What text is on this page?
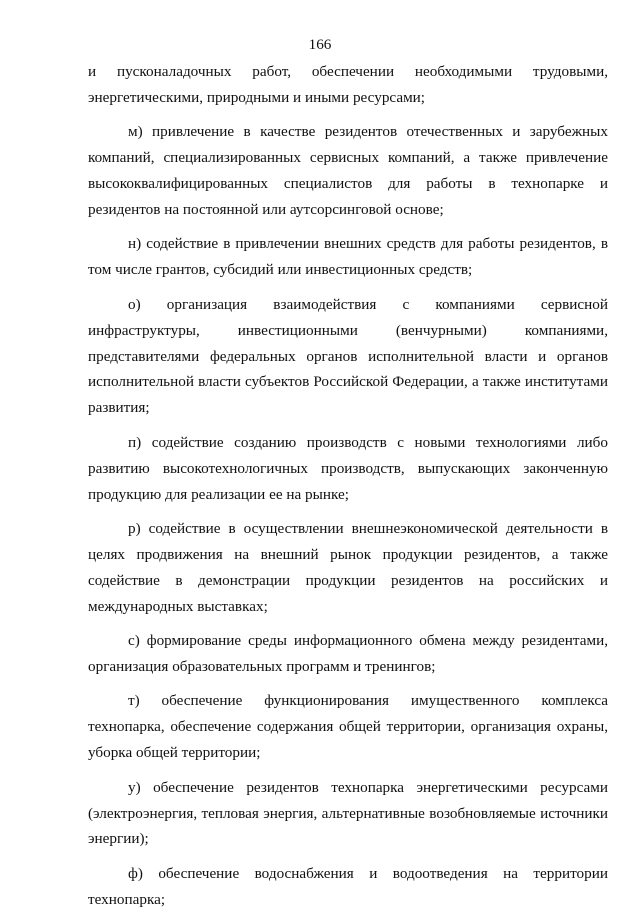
166

и пусконаладочных работ, обеспечении необходимыми трудовыми, энергетическими, природными и иными ресурсами;

м) привлечение в качестве резидентов отечественных и зарубежных компаний, специализированных сервисных компаний, а также привлечение высококвалифицированных специалистов для работы в технопарке и резидентов на постоянной или аутсорсинговой основе;

н) содействие в привлечении внешних средств для работы резидентов, в том числе грантов, субсидий или инвестиционных средств;

о) организация взаимодействия с компаниями сервисной инфраструктуры, инвестиционными (венчурными) компаниями, представителями федеральных органов исполнительной власти и органов исполнительной власти субъектов Российской Федерации, а также институтами развития;

п) содействие созданию производств с новыми технологиями либо развитию высокотехнологичных производств, выпускающих законченную продукцию для реализации ее на рынке;

р) содействие в осуществлении внешнеэкономической деятельности в целях продвижения на внешний рынок продукции резидентов, а также содействие в демонстрации продукции резидентов на российских и международных выставках;

с) формирование среды информационного обмена между резидентами, организация образовательных программ и тренингов;

т) обеспечение функционирования имущественного комплекса технопарка, обеспечение содержания общей территории, организация охраны, уборка общей территории;

у) обеспечение резидентов технопарка энергетическими ресурсами (электроэнергия, тепловая энергия, альтернативные возобновляемые источники энергии);

ф) обеспечение водоснабжения и водоотведения на территории технопарка;
